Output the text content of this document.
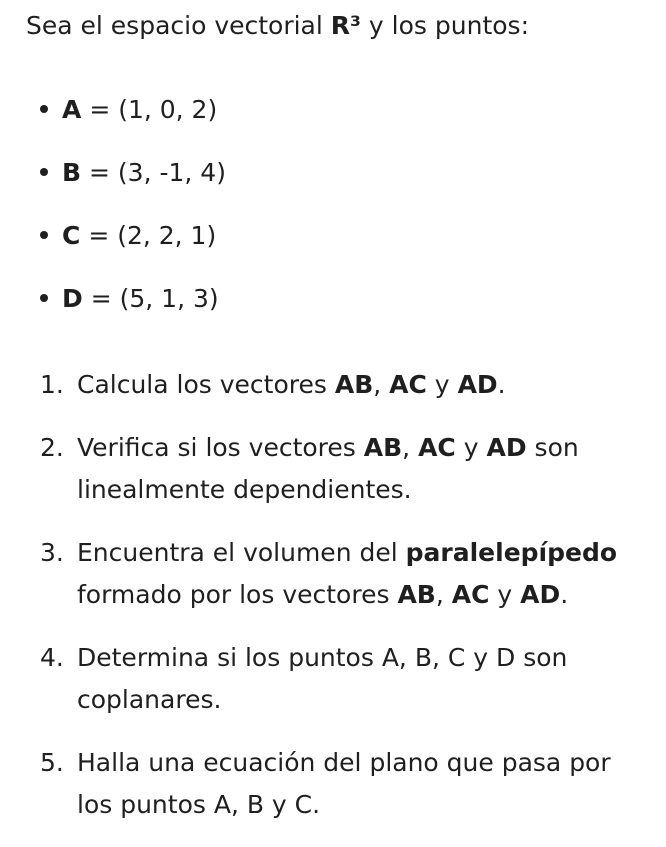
Sea el espacio vectorial R³ y los puntos:
A = (1, 0, 2)
B = (3, -1, 4)
C = (2, 2, 1)
D = (5, 1, 3)
1. Calcula los vectores AB, AC y AD.
2. Verifica si los vectores AB, AC y AD son linealmente dependientes.
3. Encuentra el volumen del paralelepípedo formado por los vectores AB, AC y AD.
4. Determina si los puntos A, B, C y D son coplanares.
5. Halla una ecuación del plano que pasa por los puntos A, B y C.
